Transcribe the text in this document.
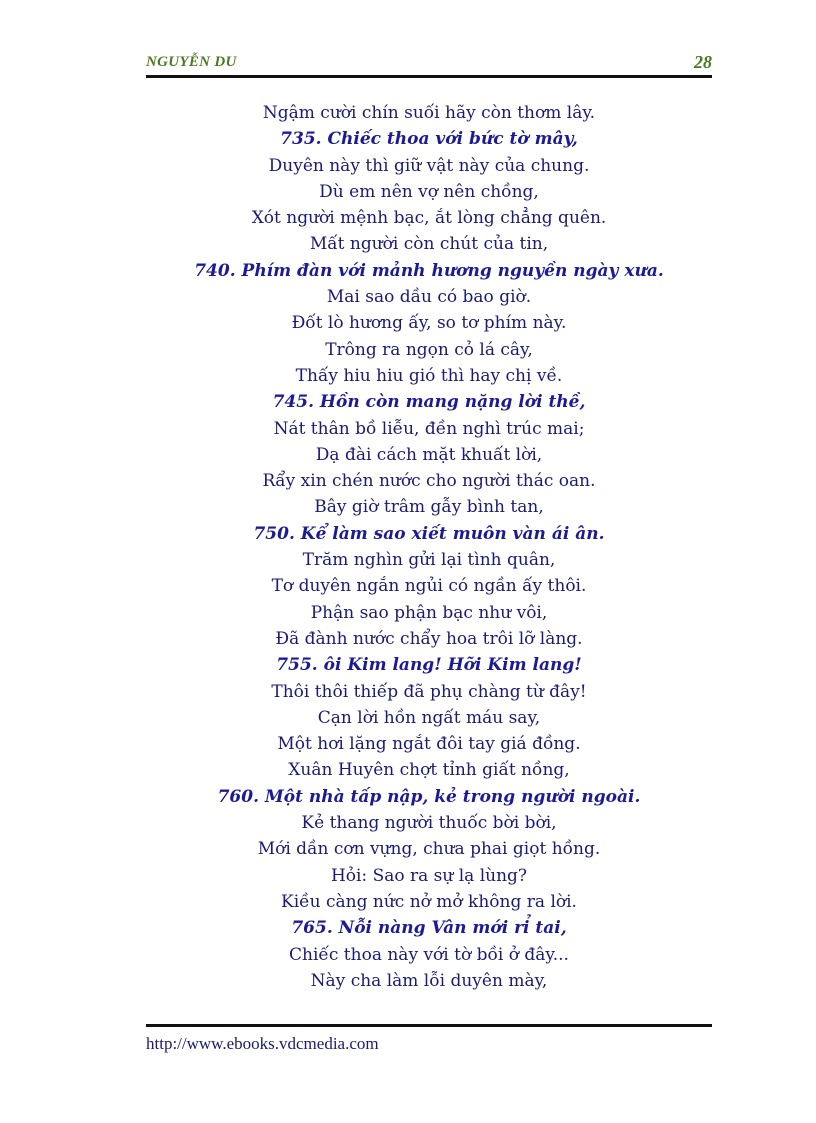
NGUYỄN DU	28
Ngậm cười chín suối hãy còn thơm lây.
735. Chiếc thoa với bức tờ mây,
Duyên này thì giữ vật này của chung.
Dù em nên vợ nên chồng,
Xót người mệnh bạc, ắt lòng chẳng quên.
Mất người còn chút của tin,
740. Phím đàn với mảnh hương nguyền ngày xưa.
Mai sao dầu có bao giờ.
Đốt lò hương ấy, so tơ phím này.
Trông ra ngọn cỏ lá cây,
Thấy hiu hiu gió thì hay chị về.
745. Hồn còn mang nặng lời thề,
Nát thân bồ liễu, đền nghì trúc mai;
Dạ đài cách mặt khuất lời,
Rẩy xin chén nước cho người thác oan.
Bây giờ trâm gẫy bình tan,
750. Kể làm sao xiết muôn vàn ái ân.
Trăm nghìn gửi lại tình quân,
Tơ duyên ngắn ngủi có ngần ấy thôi.
Phận sao phận bạc như vôi,
Đã đành nước chẩy hoa trôi lỡ làng.
755. ôi Kim lang! Hỡi Kim lang!
Thôi thôi thiếp đã phụ chàng từ đây!
Cạn lời hồn ngất máu say,
Một hơi lặng ngắt đôi tay giá đồng.
Xuân Huyên chợt tỉnh giất nồng,
760. Một nhà tấp nập, kẻ trong người ngoài.
Kẻ thang người thuốc bời bời,
Mới dần cơn vựng, chưa phai giọt hồng.
Hỏi: Sao ra sự lạ lùng?
Kiều càng nức nở mở không ra lời.
765. Nỗi nàng Vân mới rỉ tai,
Chiếc thoa này với tờ bồi ở đây...
Này cha làm lỗi duyên mày,
http://www.ebooks.vdcmedia.com
